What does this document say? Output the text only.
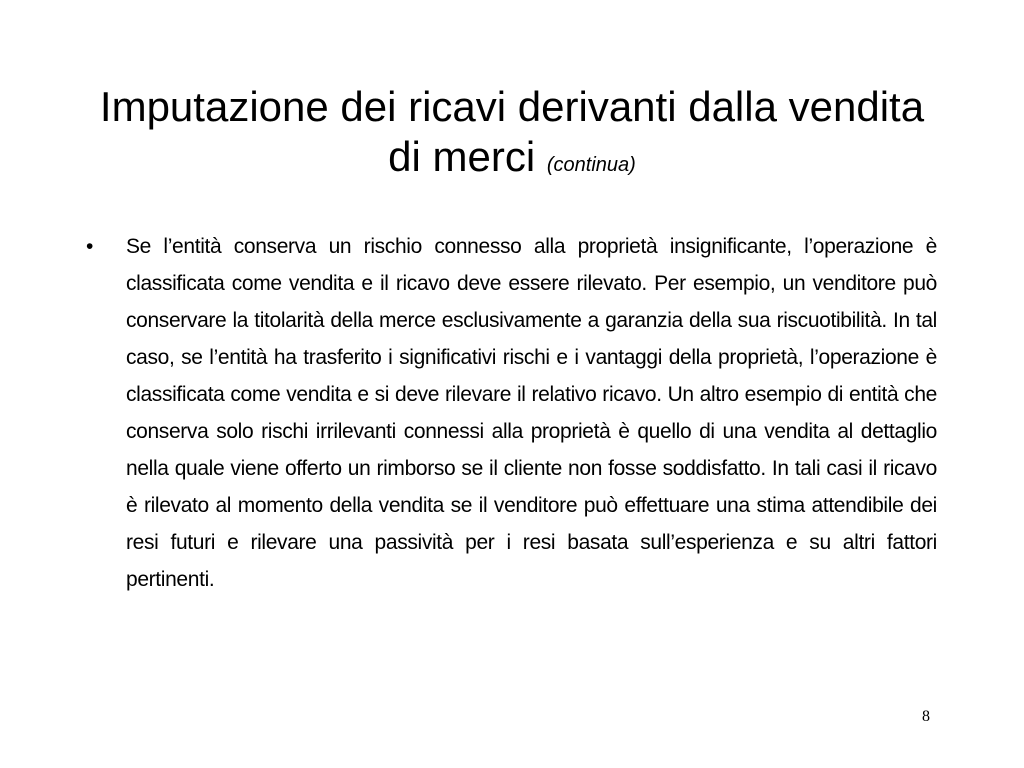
Imputazione dei ricavi derivanti dalla vendita di merci (continua)
• Se l’entità conserva un rischio connesso alla proprietà insignificante, l’operazione è classificata come vendita e il ricavo deve essere rilevato. Per esempio, un venditore può conservare la titolarità della merce esclusivamente a garanzia della sua riscuotibilità. In tal caso, se l’entità ha trasferito i significativi rischi e i vantaggi della proprietà, l’operazione è classificata come vendita e si deve rilevare il relativo ricavo. Un altro esempio di entità che conserva solo rischi irrilevanti connessi alla proprietà è quello di una vendita al dettaglio nella quale viene offerto un rimborso se il cliente non fosse soddisfatto. In tali casi il ricavo è rilevato al momento della vendita se il venditore può effettuare una stima attendibile dei resi futuri e rilevare una passività per i resi basata sull’esperienza e su altri fattori pertinenti.

8
